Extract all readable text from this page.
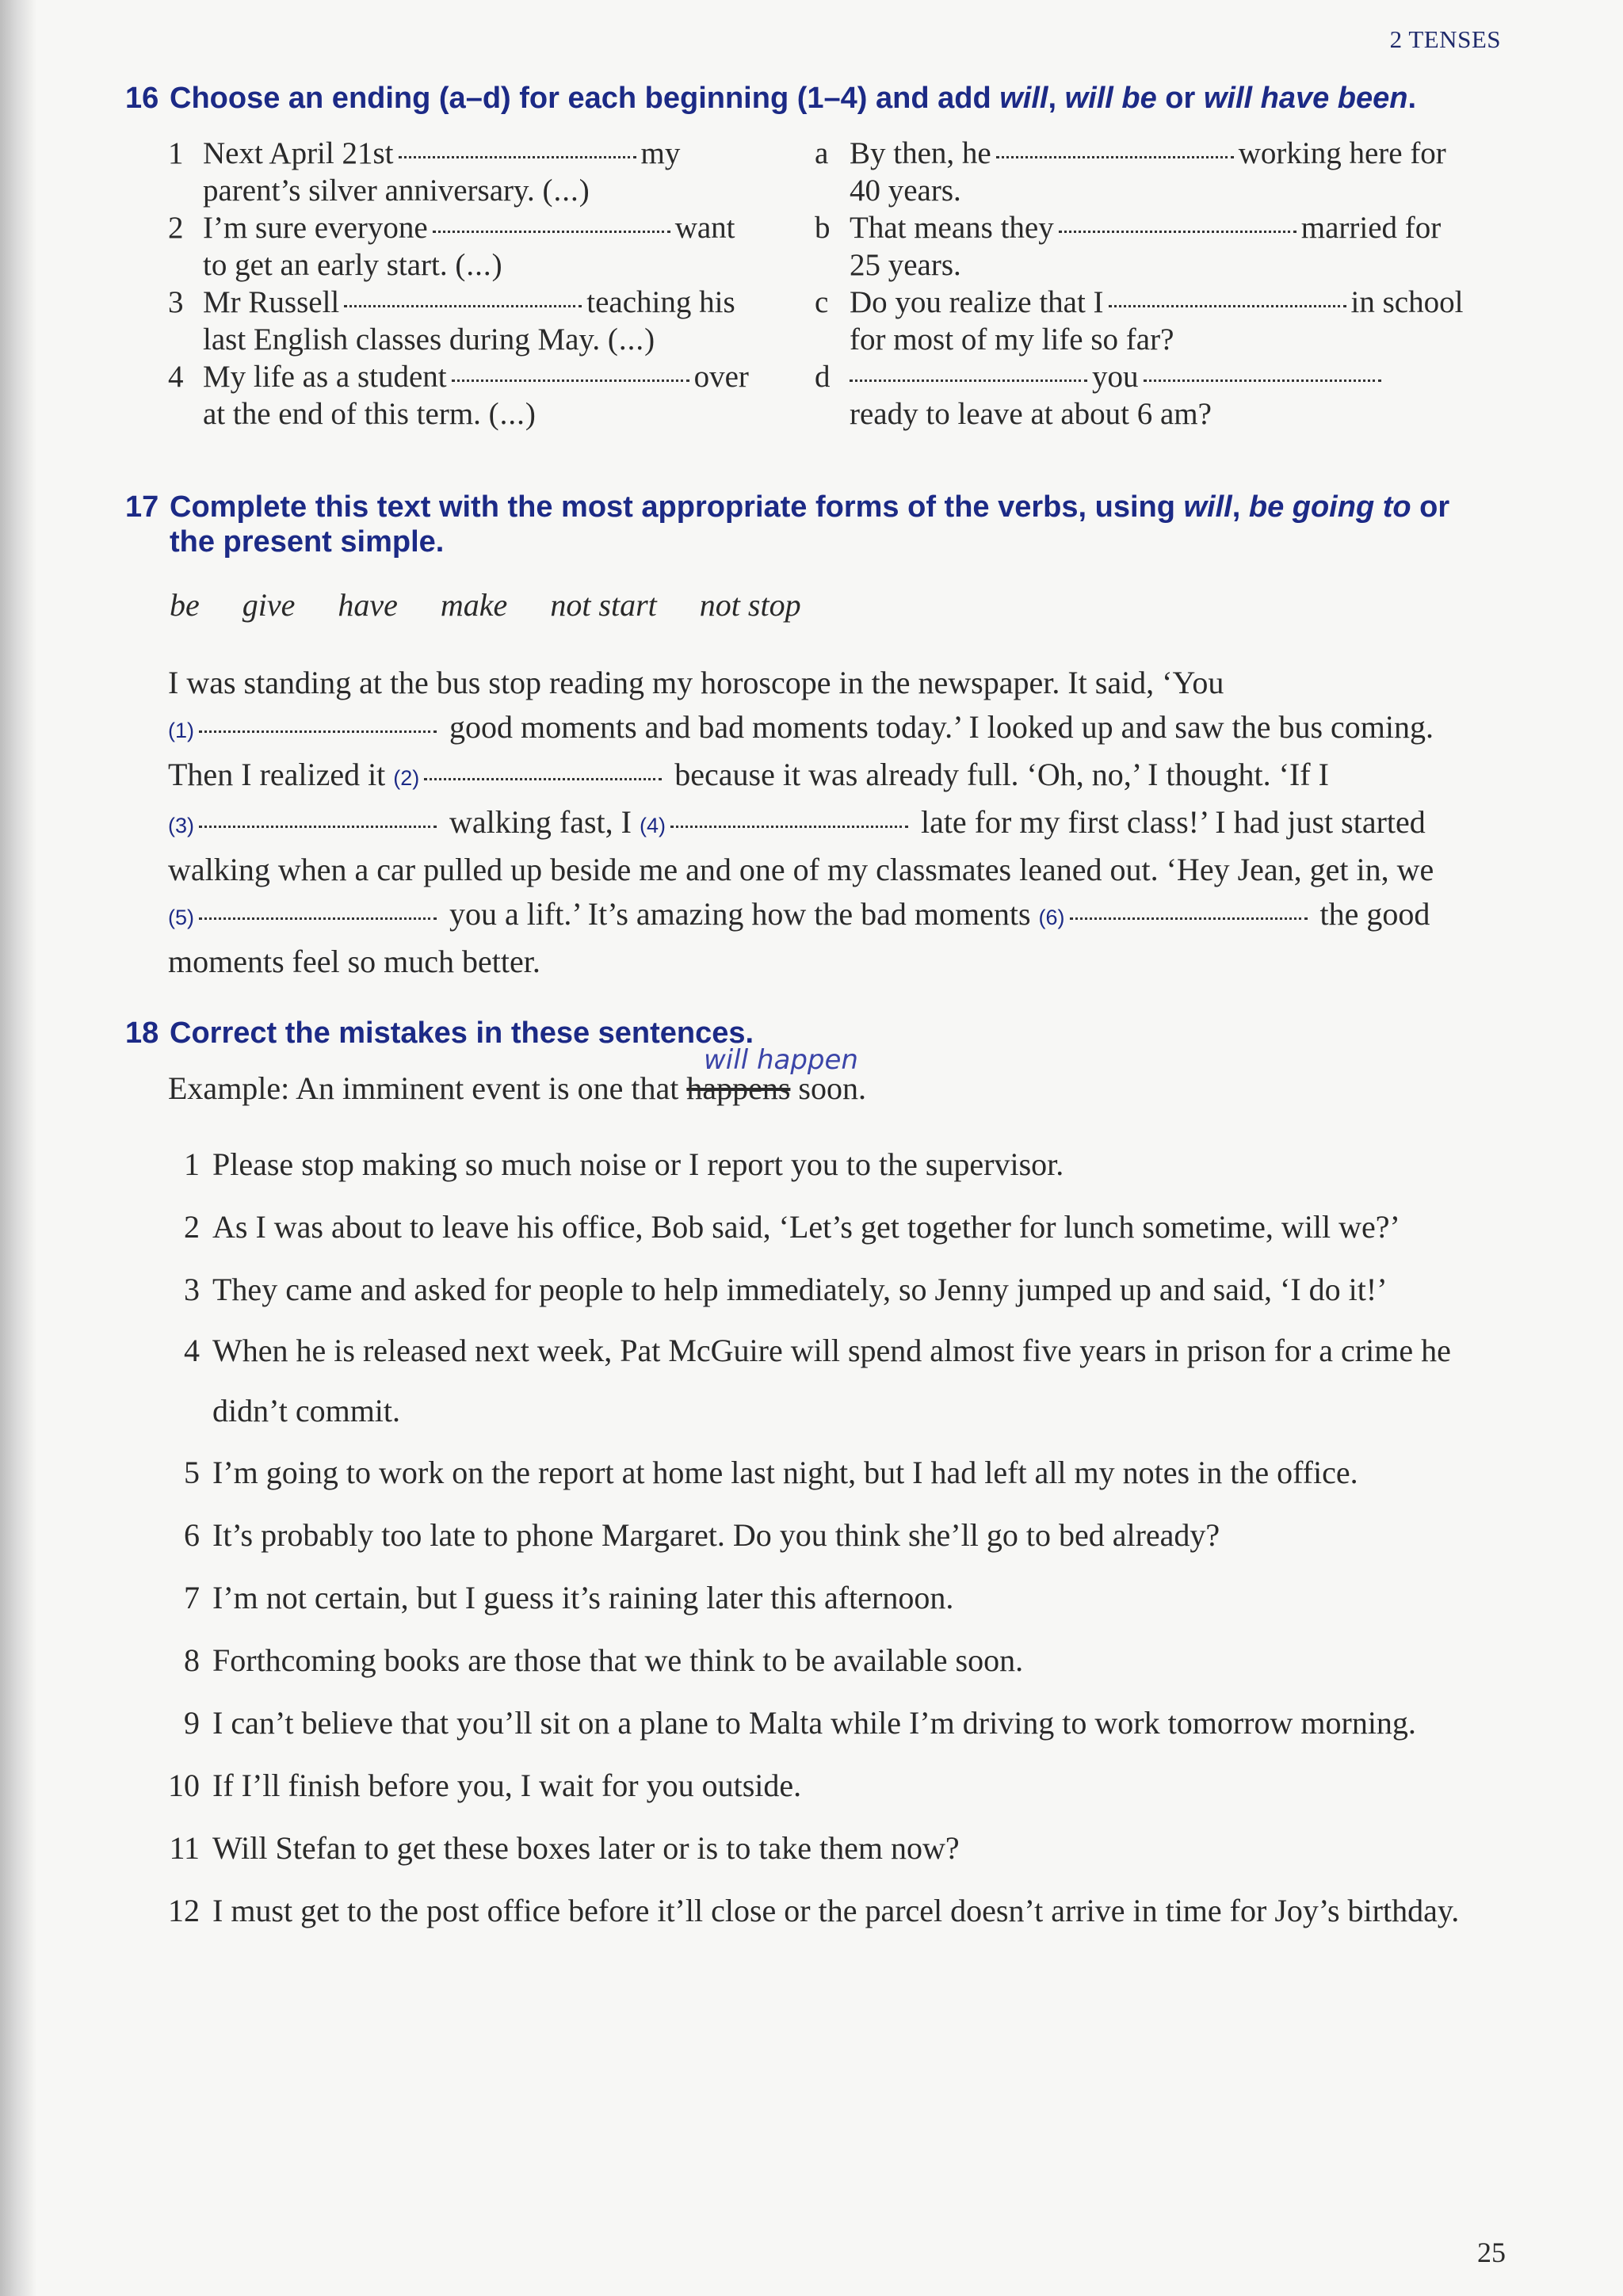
2 TENSES
16 Choose an ending (a–d) for each beginning (1–4) and add will, will be or will have been.
1 Next April 21st	my
parent’s silver anniversary. (...)
2 I’m sure everyone	want
to get an early start. (...)
3 Mr Russell	teaching his
last English classes during May. (...)
4 My life as a student	over
at the end of this term. (...)
a By then, he	working here for
40 years.
b That means they	married for
25 years.
c Do you realize that I	in school
for most of my life so far?
d	you
ready to leave at about 6 am?
17 Complete this text with the most appropriate forms of the verbs, using will, be going to or
the present simple.
be give have make not start not stop
I was standing at the bus stop reading my horoscope in the newspaper. It said, ‘You
(1)	good moments and bad moments today.’ I looked up and saw the bus coming.
Then I realized it (2)	because it was already full. ‘Oh, no,’ I thought. ‘If I
(3)	walking fast, I (4)	late for my first class!’ I had just started
walking when a car pulled up beside me and one of my classmates leaned out. ‘Hey Jean, get in, we
(5)	you a lift.’ It’s amazing how the bad moments (6)	the good
moments feel so much better.
18 Correct the mistakes in these sentences.
will happen
Example: An imminent event is one that happens soon.
1 Please stop making so much noise or I report you to the supervisor.
2 As I was about to leave his office, Bob said, ‘Let’s get together for lunch sometime, will we?’
3 They came and asked for people to help immediately, so Jenny jumped up and said, ‘I do it!’
4 When he is released next week, Pat McGuire will spend almost five years in prison for a crime he
didn’t commit.
5 I’m going to work on the report at home last night, but I had left all my notes in the office.
6 It’s probably too late to phone Margaret. Do you think she’ll go to bed already?
7 I’m not certain, but I guess it’s raining later this afternoon.
8 Forthcoming books are those that we think to be available soon.
9 I can’t believe that you’ll sit on a plane to Malta while I’m driving to work tomorrow morning.
10 If I’ll finish before you, I wait for you outside.
11 Will Stefan to get these boxes later or is to take them now?
12 I must get to the post office before it’ll close or the parcel doesn’t arrive in time for Joy’s birthday.
25
